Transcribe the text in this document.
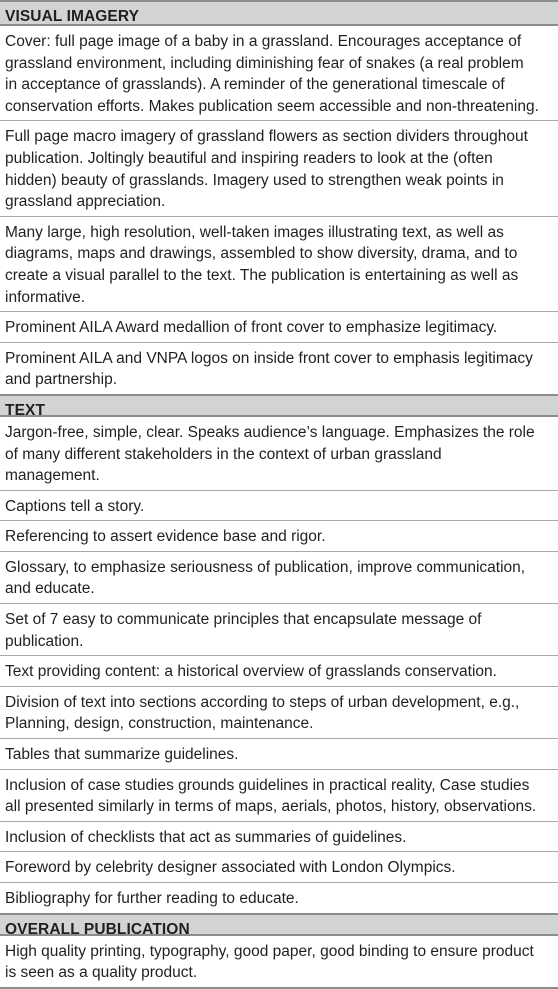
VISUAL IMAGERY
Cover: full page image of a baby in a grassland. Encourages acceptance of grassland environment, including diminishing fear of snakes (a real problem in acceptance of grasslands). A reminder of the generational timescale of conservation efforts. Makes publication seem accessible and non-threatening.
Full page macro imagery of grassland flowers as section dividers throughout publication. Joltingly beautiful and inspiring readers to look at the (often hidden) beauty of grasslands. Imagery used to strengthen weak points in grassland appreciation.
Many large, high resolution, well-taken images illustrating text, as well as diagrams, maps and drawings, assembled to show diversity, drama, and to create a visual parallel to the text. The publication is entertaining as well as informative.
Prominent AILA Award medallion of front cover to emphasize legitimacy.
Prominent AILA and VNPA logos on inside front cover to emphasis legitimacy and partnership.
TEXT
Jargon-free, simple, clear. Speaks audience’s language. Emphasizes the role of many different stakeholders in the context of urban grassland management.
Captions tell a story.
Referencing to assert evidence base and rigor.
Glossary, to emphasize seriousness of publication, improve communication, and educate.
Set of 7 easy to communicate principles that encapsulate message of publication.
Text providing content: a historical overview of grasslands conservation.
Division of text into sections according to steps of urban development, e.g., Planning, design, construction, maintenance.
Tables that summarize guidelines.
Inclusion of case studies grounds guidelines in practical reality, Case studies all presented similarly in terms of maps, aerials, photos, history, observations.
Inclusion of checklists that act as summaries of guidelines.
Foreword by celebrity designer associated with London Olympics.
Bibliography for further reading to educate.
OVERALL PUBLICATION
High quality printing, typography, good paper, good binding to ensure product is seen as a quality product.
